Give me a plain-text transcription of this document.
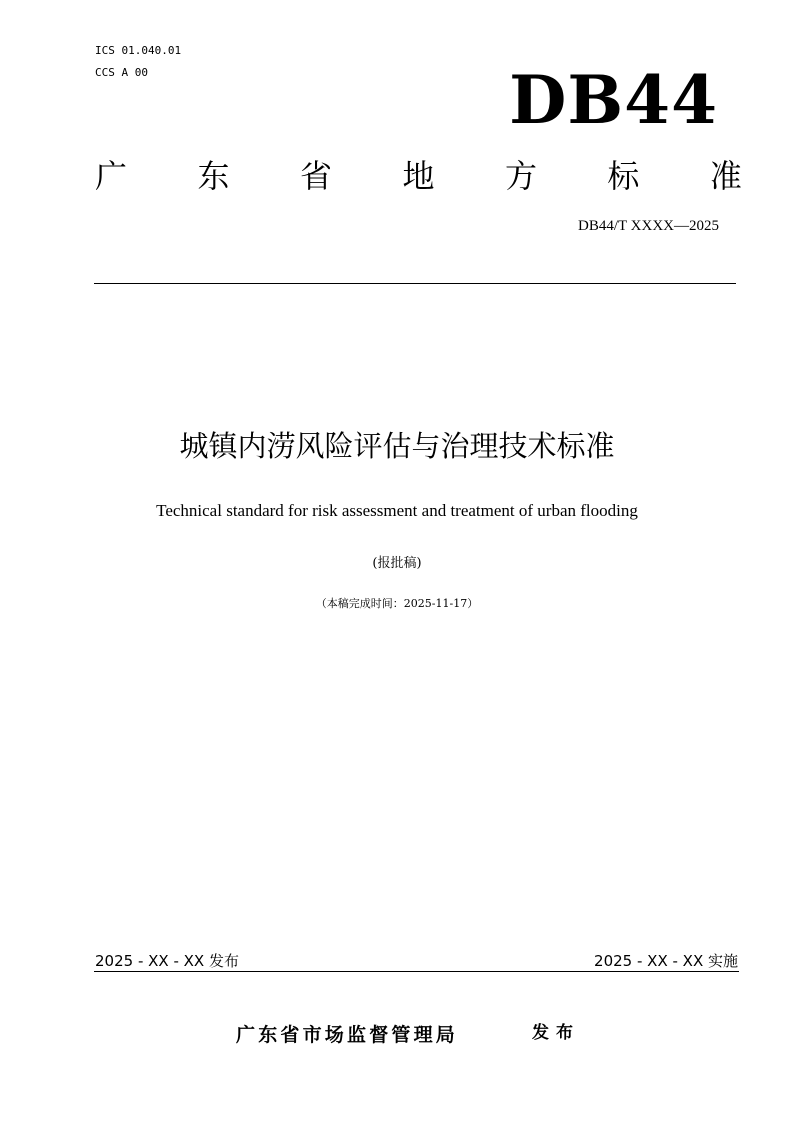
ICS 01.040.01
CCS A 00	DB44
广 东 省 地 方 标 准
DB44/T XXXX—2025
城镇内涝风险评估与治理技术标准
Technical standard for risk assessment and treatment of urban flooding
(报批稿)
（本稿完成时间：2025-11-17）
2025 - XX - XX 发布	2025 - XX - XX 实施
广东省市场监督管理局	发布
